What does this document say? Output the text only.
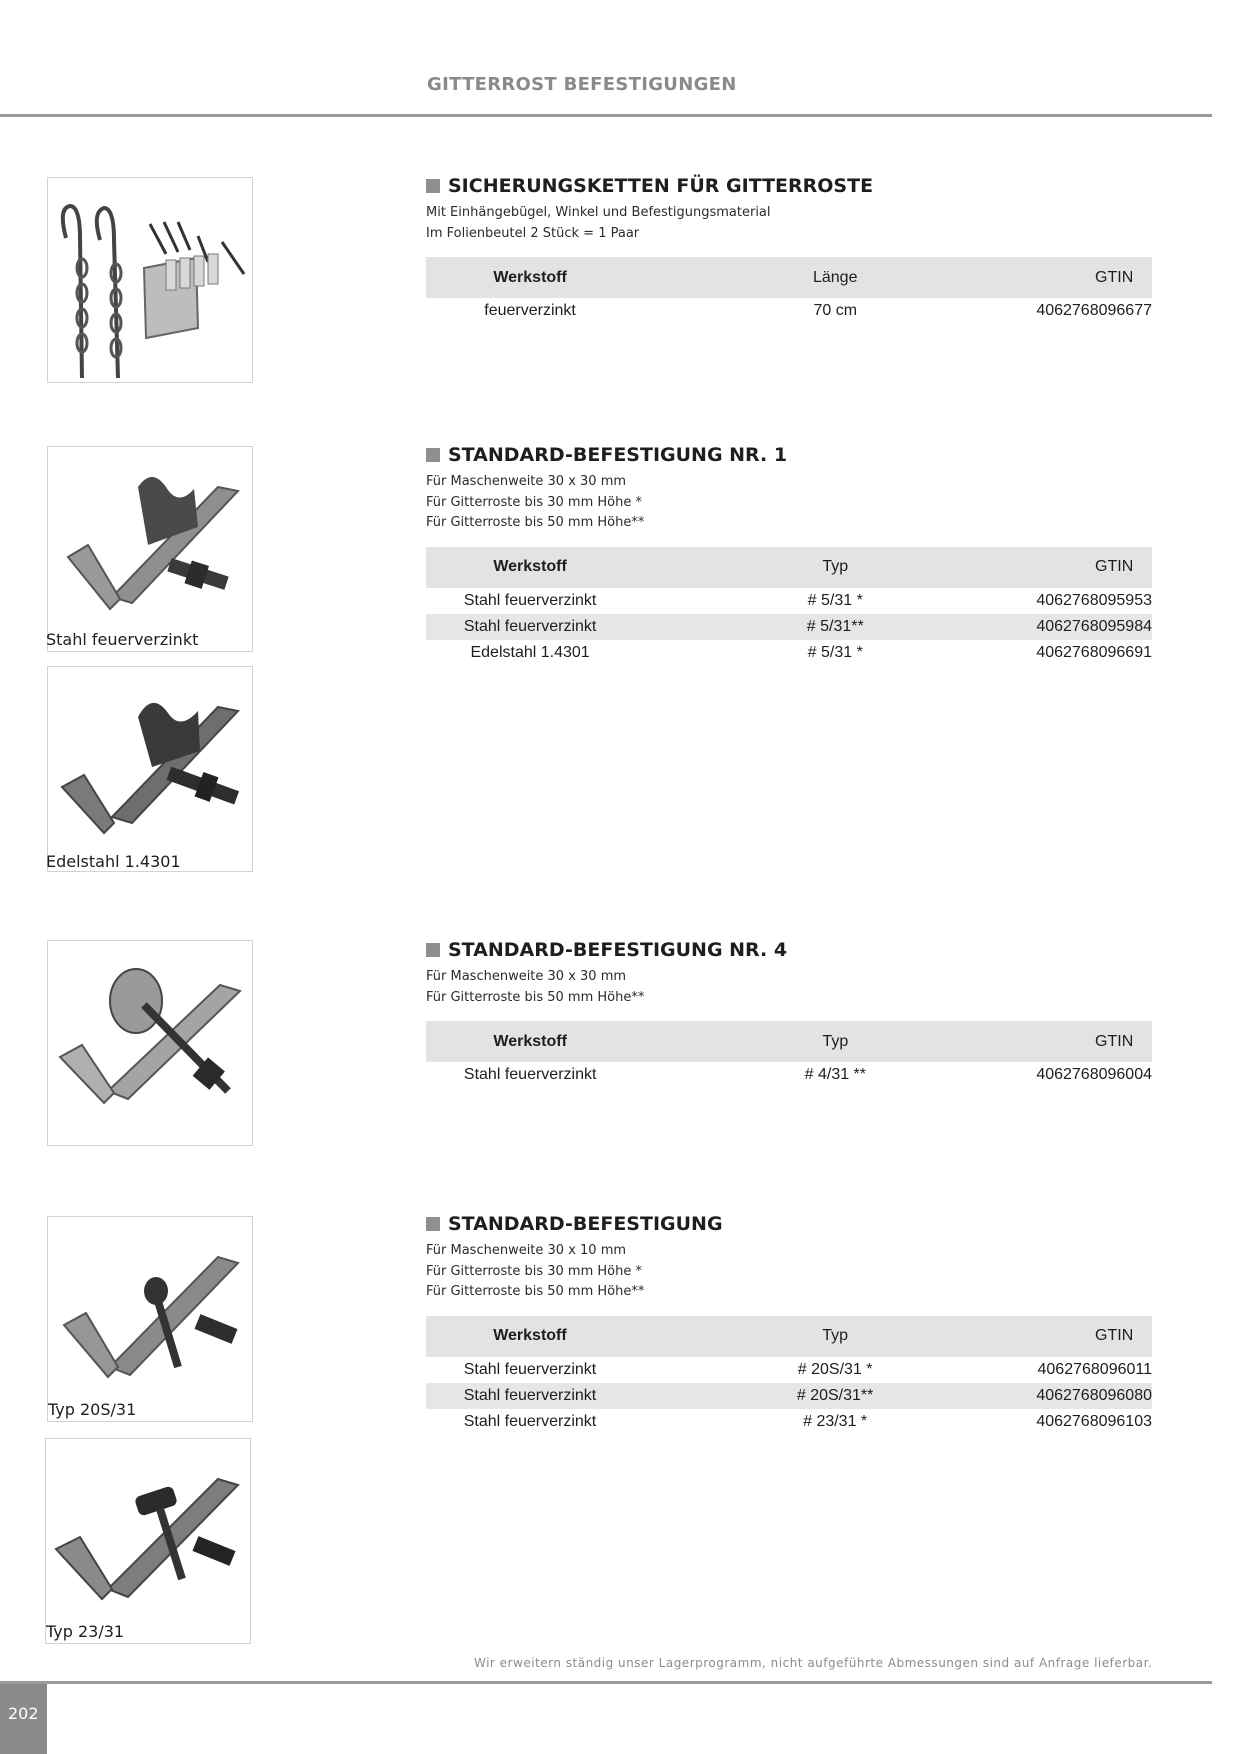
GITTERROST BEFESTIGUNGEN
Stahl feuerverzinkt
Edelstahl 1.4301
Typ 20S/31
Typ 23/31
SICHERUNGSKETTEN FÜR GITTERROSTE
Mit Einhängebügel, Winkel und Befestigungsmaterial
Im Folienbeutel 2 Stück = 1 Paar
Werkstoff	Länge	GTIN
feuerverzinkt	70 cm	4062768096677
STANDARD-BEFESTIGUNG NR. 1
Für Maschenweite 30 x 30 mm
Für Gitterroste bis 30 mm Höhe *
Für Gitterroste bis 50 mm Höhe**
Werkstoff	Typ	GTIN
Stahl feuerverzinkt	# 5/31 *	4062768095953
Stahl feuerverzinkt	# 5/31**	4062768095984
Edelstahl 1.4301	# 5/31 *	4062768096691
STANDARD-BEFESTIGUNG NR. 4
Für Maschenweite 30 x 30 mm
Für Gitterroste bis 50 mm Höhe**
Werkstoff	Typ	GTIN
Stahl feuerverzinkt	# 4/31 **	4062768096004
STANDARD-BEFESTIGUNG
Für Maschenweite 30 x 10 mm
Für Gitterroste bis 30 mm Höhe *
Für Gitterroste bis 50 mm Höhe**
Werkstoff	Typ	GTIN
Stahl feuerverzinkt	# 20S/31 *	4062768096011
Stahl feuerverzinkt	# 20S/31**	4062768096080
Stahl feuerverzinkt	# 23/31 *	4062768096103
Wir erweitern ständig unser Lagerprogramm, nicht aufgeführte Abmessungen sind auf Anfrage lieferbar.
202
